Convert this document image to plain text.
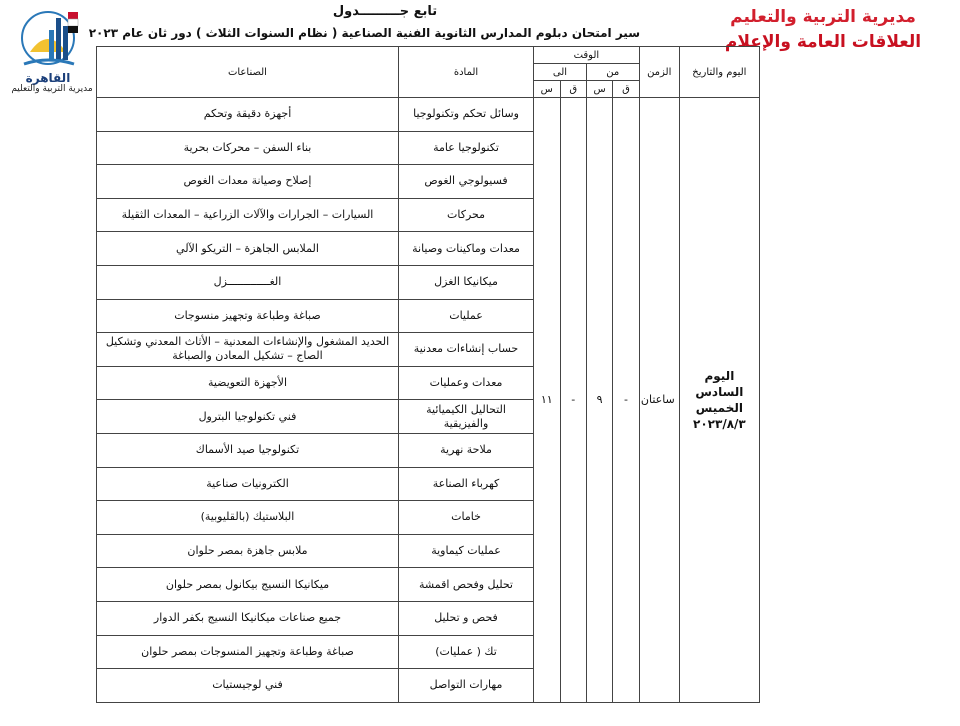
القاهرة
مديرية التربية والتعليم
مديرية التربية والتعليم
العلاقات العامة والإعلام
تابع جـــــــــدول
سير امتحان دبلوم المدارس الثانوية الفنية الصناعية ( نظام السنوات الثلاث ) دور ثان عام ٢٠٢٣
اليوم والتاريخ	الزمن	الوقت				المادة	الصناعات
		من		الى			
		ق	س	ق	س		

اليوم
السادس
الخميس
٢٠٢٣/٨/٣	ساعتان	-	٩	-	١١	وسائل تحكم وتكنولوجيا	أجهزة دقيقة وتحكم
						تكنولوجيا عامة	بناء السفن – محركات بحرية
						فسيولوجي الغوص	إصلاح وصيانة معدات الغوص
						محركات	السيارات – الجرارات والآلات الزراعية – المعدات الثقيلة
						معدات وماكينات وصيانة	الملابس الجاهزة – التريكو الآلي
						ميكانيكا الغزل	الغـــــــــــــزل
						عمليات	صباغة وطباعة وتجهيز منسوجات
						حساب إنشاءات معدنية	الحديد المشغول والإنشاءات المعدنية – الأثاث المعدني وتشكيل الصاج – تشكيل المعادن والصباغة
						معدات وعمليات	الأجهزة التعويضية
						التحاليل الكيميائية والفيزيقية	فني تكنولوجيا البترول
						ملاحة نهرية	تكنولوجيا صيد الأسماك
						كهرباء الصناعة	الكترونيات صناعية
						خامات	البلاستيك (بالقليوبية)
						عمليات كيماوية	ملابس جاهزة بمصر حلوان
						تحليل وفحص اقمشة	ميكانيكا النسيج بيكانول بمصر حلوان
						فحص و تحليل	جميع صناعات ميكانيكا النسيج بكفر الدوار
						تك ( عمليات)	صباغة وطباعة وتجهيز المنسوجات بمصر حلوان
						مهارات التواصل	فني لوجيستيات
